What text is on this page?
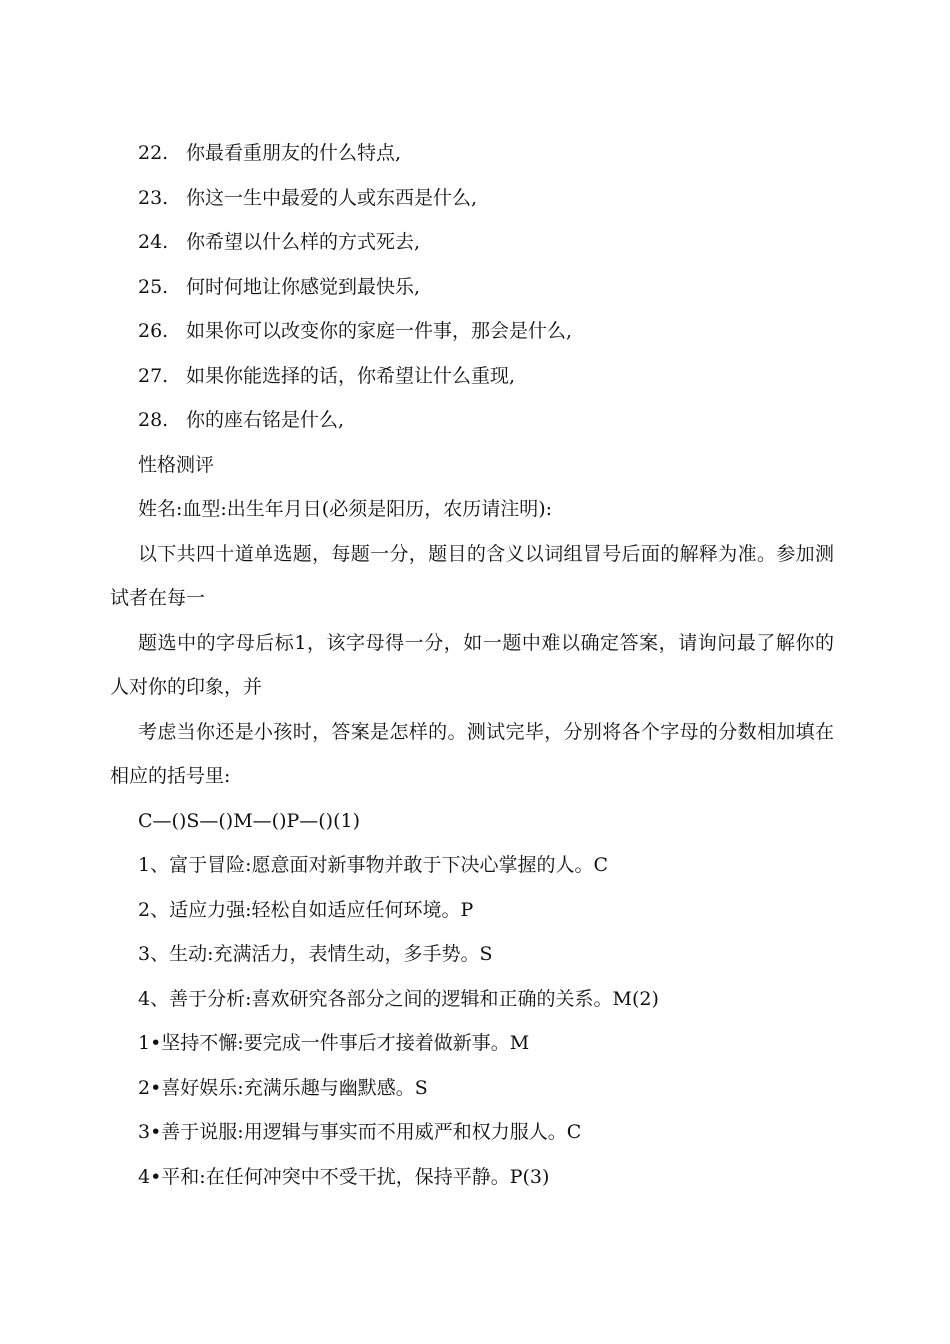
22. 你最看重朋友的什么特点,
23. 你这一生中最爱的人或东西是什么,
24. 你希望以什么样的方式死去,
25. 何时何地让你感觉到最快乐,
26. 如果你可以改变你的家庭一件事，那会是什么,
27. 如果你能选择的话，你希望让什么重现,
28. 你的座右铭是什么,
性格测评
姓名:血型:出生年月日(必须是阳历，农历请注明):
以下共四十道单选题，每题一分，题目的含义以词组冒号后面的解释为准。参加测试者在每一
题选中的字母后标1，该字母得一分，如一题中难以确定答案，请询问最了解你的人对你的印象，并
考虑当你还是小孩时，答案是怎样的。测试完毕，分别将各个字母的分数相加填在相应的括号里:
C—()S—()M—()P—()(1)
1、富于冒险:愿意面对新事物并敢于下决心掌握的人。C
2、适应力强:轻松自如适应任何环境。P
3、生动:充满活力，表情生动，多手势。S
4、善于分析:喜欢研究各部分之间的逻辑和正确的关系。M(2)
1•坚持不懈:要完成一件事后才接着做新事。M
2•喜好娱乐:充满乐趣与幽默感。S
3•善于说服:用逻辑与事实而不用威严和权力服人。C
4•平和:在任何冲突中不受干扰，保持平静。P(3)
